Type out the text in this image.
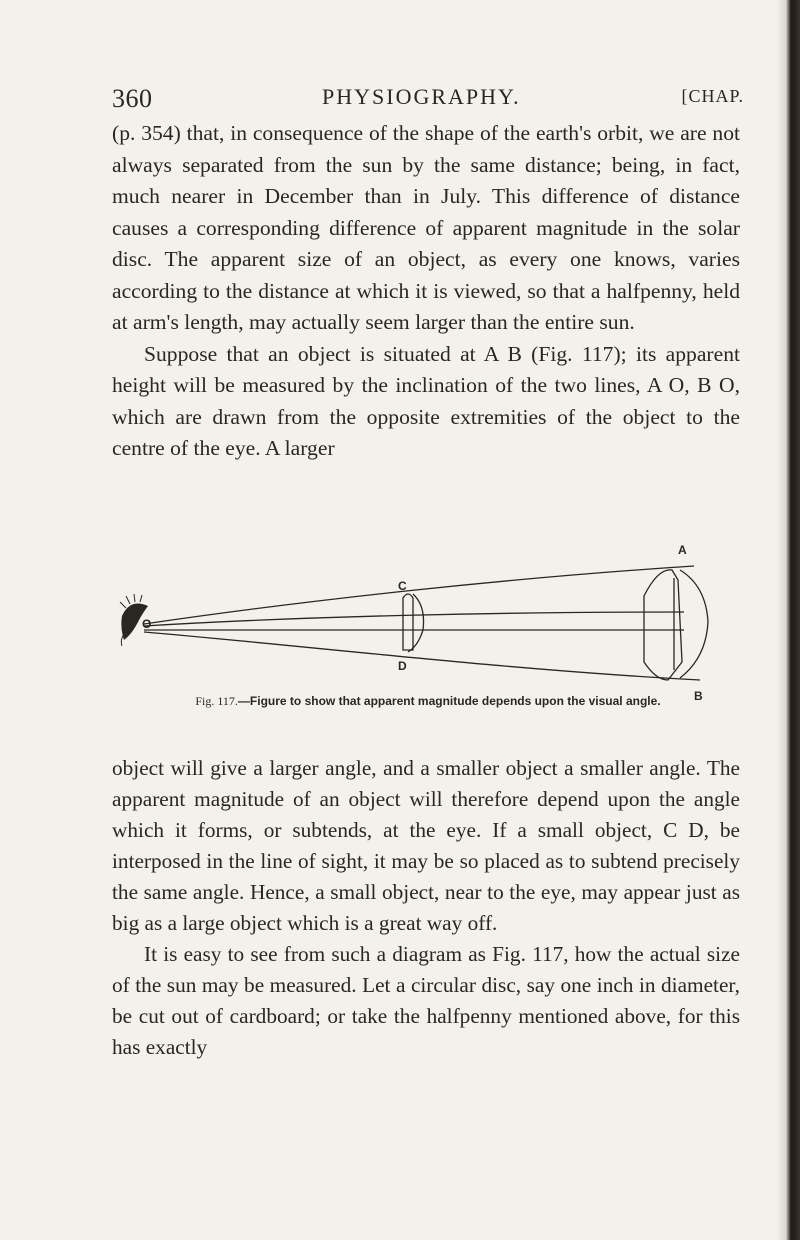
360	PHYSIOGRAPHY.	[CHAP.

(p. 354) that, in consequence of the shape of the earth's orbit, we are not always separated from the sun by the same distance; being, in fact, much nearer in December than in July. This difference of distance causes a corresponding difference of apparent magnitude in the solar disc. The apparent size of an object, as every one knows, varies according to the distance at which it is viewed, so that a halfpenny, held at arm's length, may actually seem larger than the entire sun.

Suppose that an object is situated at A B (Fig. 117); its apparent height will be measured by the inclination of the two lines, A O, B O, which are drawn from the opposite extremities of the object to the centre of the eye. A larger

A
B
C
D
O
Fig. 117.—Figure to show that apparent magnitude depends upon the visual angle.

object will give a larger angle, and a smaller object a smaller angle. The apparent magnitude of an object will therefore depend upon the angle which it forms, or subtends, at the eye. If a small object, C D, be interposed in the line of sight, it may be so placed as to subtend precisely the same angle. Hence, a small object, near to the eye, may appear just as big as a large object which is a great way off.

It is easy to see from such a diagram as Fig. 117, how the actual size of the sun may be measured. Let a circular disc, say one inch in diameter, be cut out of cardboard; or take the halfpenny mentioned above, for this has exactly
